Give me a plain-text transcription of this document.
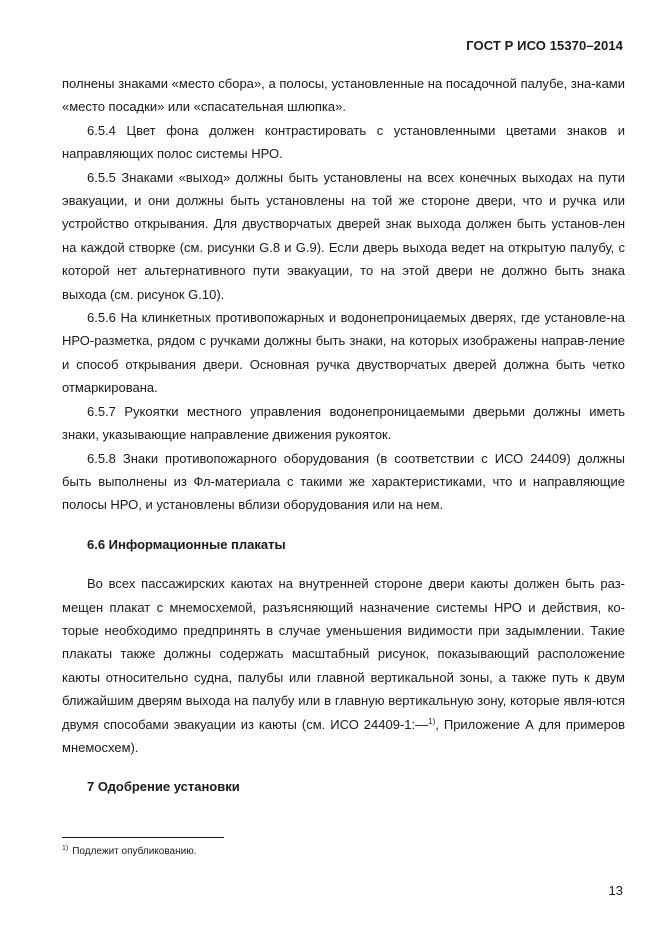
ГОСТ Р ИСО 15370–2014

полнены знаками «место сбора», а полосы, установленные на посадочной палубе, зна-ками «место посадки» или «спасательная шлюпка».

6.5.4 Цвет фона должен контрастировать с установленными цветами знаков и направляющих полос системы НРО.

6.5.5 Знаками «выход» должны быть установлены на всех конечных выходах на пути эвакуации, и они должны быть установлены на той же стороне двери, что и ручка или устройство открывания. Для двустворчатых дверей знак выхода должен быть установ-лен на каждой створке (см. рисунки G.8 и G.9). Если дверь выхода ведет на открытую палубу, с которой нет альтернативного пути эвакуации, то на этой двери не должно быть знака выхода (см. рисунок G.10).

6.5.6 На клинкетных противопожарных и водонепроницаемых дверях, где установле-на НРО-разметка, рядом с ручками должны быть знаки, на которых изображены направ-ление и способ открывания двери. Основная ручка двустворчатых дверей должна быть четко отмаркирована.

6.5.7 Рукоятки местного управления водонепроницаемыми дверьми должны иметь знаки, указывающие направление движения рукояток.

6.5.8 Знаки противопожарного оборудования (в соответствии с ИСО 24409) должны быть выполнены из Фл-материала с такими же характеристиками, что и направляющие полосы НРО, и установлены вблизи оборудования или на нем.

6.6 Информационные плакаты

Во всех пассажирских каютах на внутренней стороне двери каюты должен быть раз-мещен плакат с мнемосхемой, разъясняющий назначение системы НРО и действия, ко-торые необходимо предпринять в случае уменьшения видимости при задымлении. Такие плакаты также должны содержать масштабный рисунок, показывающий расположение каюты относительно судна, палубы или главной вертикальной зоны, а также путь к двум ближайшим дверям выхода на палубу или в главную вертикальную зону, которые явля-ются двумя способами эвакуации из каюты (см. ИСО 24409-1:—$^{1)}$, Приложение А для примеров мнемосхем).

7 Одобрение установки

$^{1)}$ Подлежит опубликованию.
13
